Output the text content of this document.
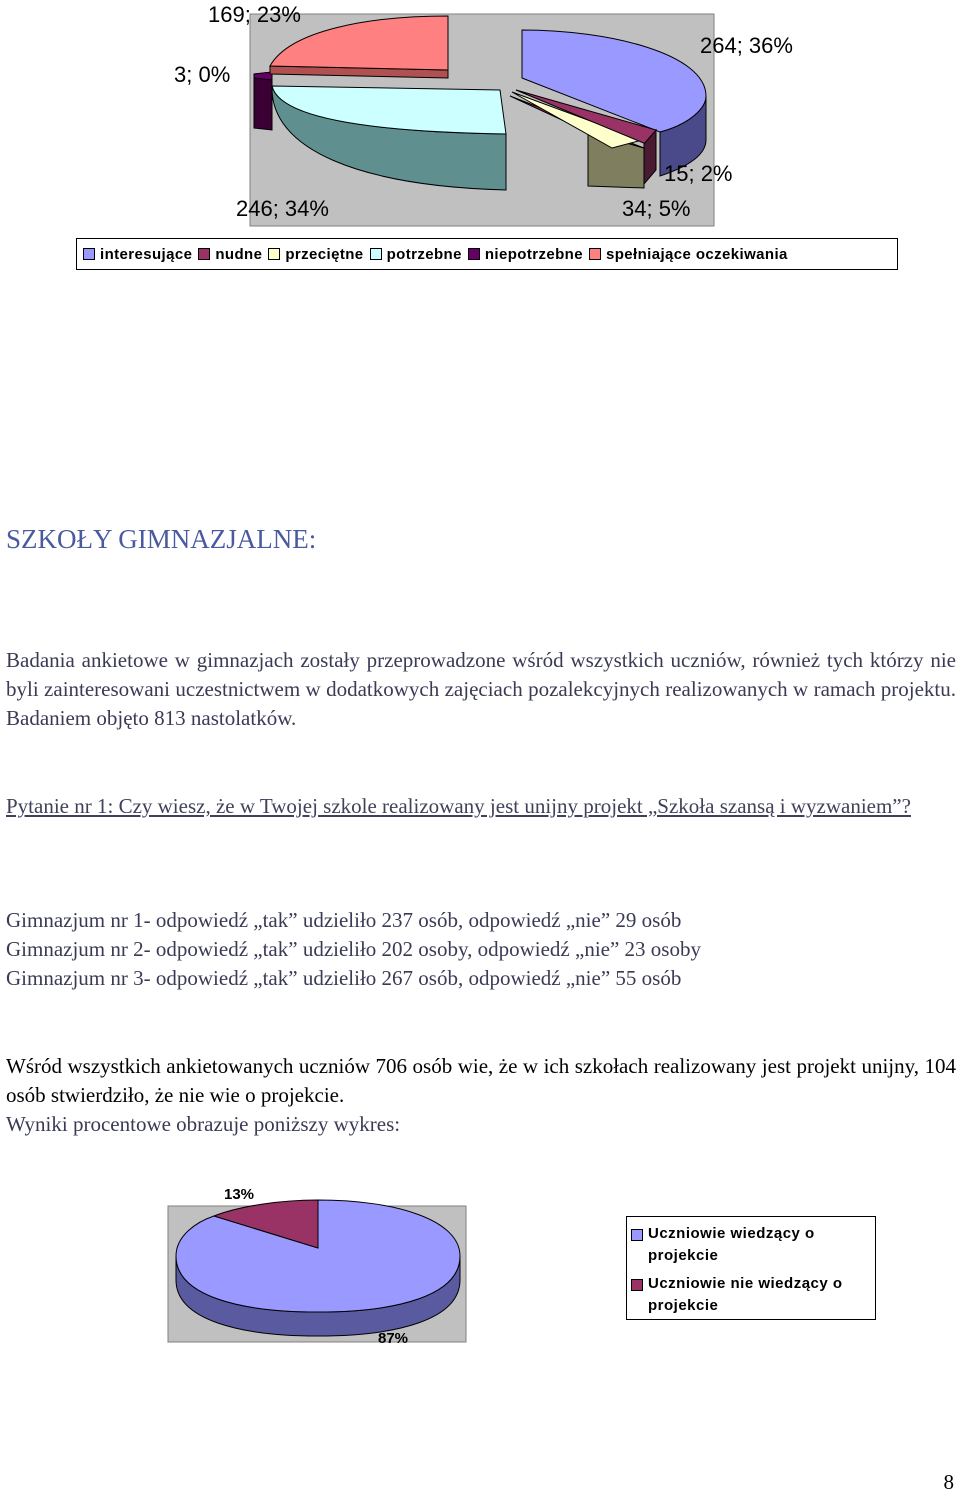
169; 23%
3; 0%
264; 36%
15; 2%
246; 34%	34; 5%
interesujące nudne przeciętne potrzebne niepotrzebne spełniające oczekiwania
SZKOŁY GIMNAZJALNE:
Badania ankietowe w gimnazjach zostały przeprowadzone wśród wszystkich uczniów, również tych którzy nie byli zainteresowani uczestnictwem w dodatkowych zajęciach pozalekcyjnych realizowanych w ramach projektu. Badaniem objęto 813 nastolatków.
Pytanie nr 1: Czy wiesz, że w Twojej szkole realizowany jest unijny projekt „Szkoła szansą i wyzwaniem”?
Gimnazjum nr 1- odpowiedź „tak” udzieliło 237 osób, odpowiedź „nie” 29 osób
Gimnazjum nr 2- odpowiedź „tak” udzieliło 202 osoby, odpowiedź „nie” 23 osoby
Gimnazjum nr 3- odpowiedź „tak” udzieliło 267 osób, odpowiedź „nie” 55 osób
Wśród wszystkich ankietowanych uczniów 706 osób wie, że w ich szkołach realizowany jest projekt unijny, 104 osób stwierdziło, że nie wie o projekcie.
Wyniki procentowe obrazuje poniższy wykres:
13%
87%
Uczniowie wiedzący o projekcie
Uczniowie nie wiedzący o projekcie
8
